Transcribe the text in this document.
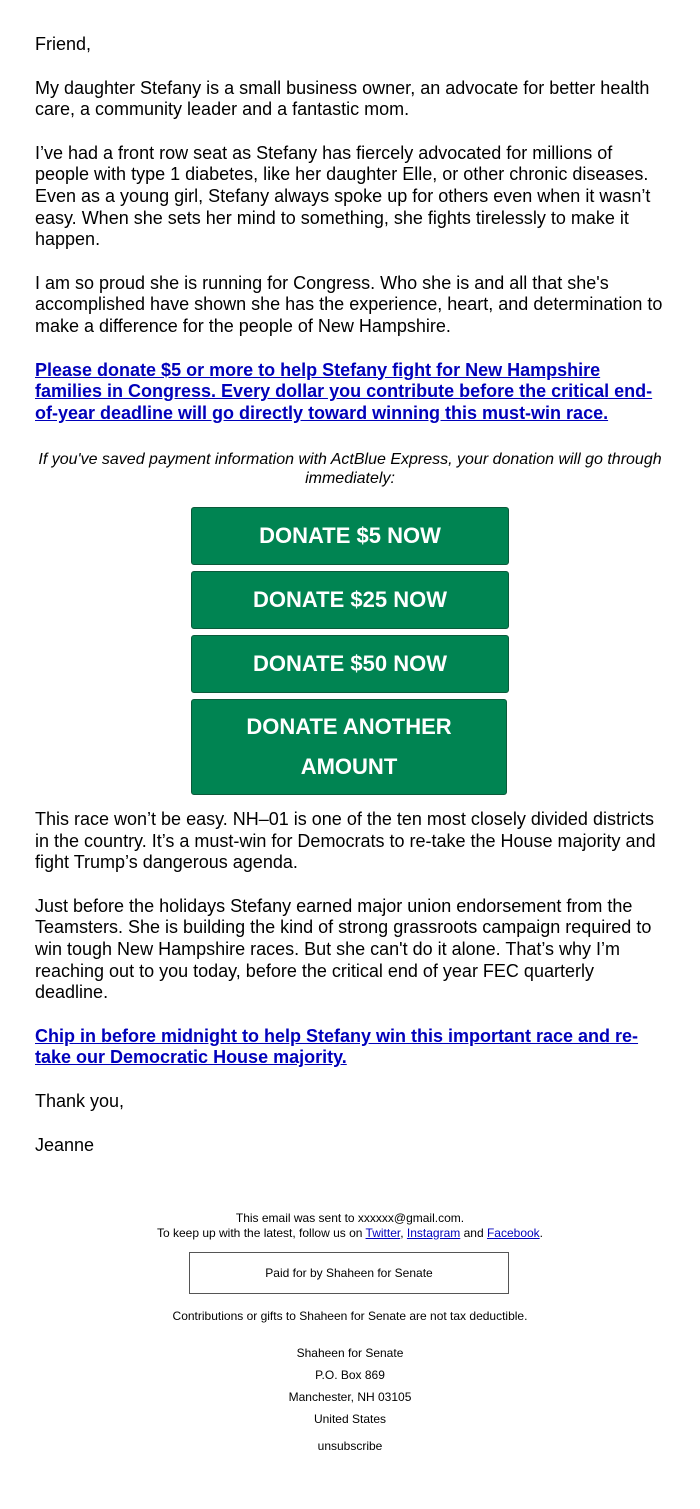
Friend,

My daughter Stefany is a small business owner, an advocate for better health care, a community leader and a fantastic mom.

I’ve had a front row seat as Stefany has fiercely advocated for millions of people with type 1 diabetes, like her daughter Elle, or other chronic diseases. Even as a young girl, Stefany always spoke up for others even when it wasn’t easy. When she sets her mind to something, she fights tirelessly to make it happen.

I am so proud she is running for Congress. Who she is and all that she's accomplished have shown she has the experience, heart, and determination to make a difference for the people of New Hampshire.

Please donate $5 or more to help Stefany fight for New Hampshire families in Congress. Every dollar you contribute before the critical end-of-year deadline will go directly toward winning this must-win race.

If you've saved payment information with ActBlue Express, your donation will go through immediately:
DONATE $5 NOW
DONATE $25 NOW
DONATE $50 NOW
DONATE ANOTHER
AMOUNT

This race won’t be easy. NH–01 is one of the ten most closely divided districts in the country. It’s a must-win for Democrats to re-take the House majority and fight Trump’s dangerous agenda.

Just before the holidays Stefany earned major union endorsement from the Teamsters. She is building the kind of strong grassroots campaign required to win tough New Hampshire races. But she can't do it alone. That’s why I’m reaching out to you today, before the critical end of year FEC quarterly deadline.

Chip in before midnight to help Stefany win this important race and re-take our Democratic House majority.

Thank you,

Jeanne

This email was sent to xxxxxx@gmail.com.
To keep up with the latest, follow us on Twitter, Instagram and Facebook.
Paid for by Shaheen for Senate
Contributions or gifts to Shaheen for Senate are not tax deductible.
Shaheen for Senate
P.O. Box 869
Manchester, NH 03105
United States
unsubscribe
